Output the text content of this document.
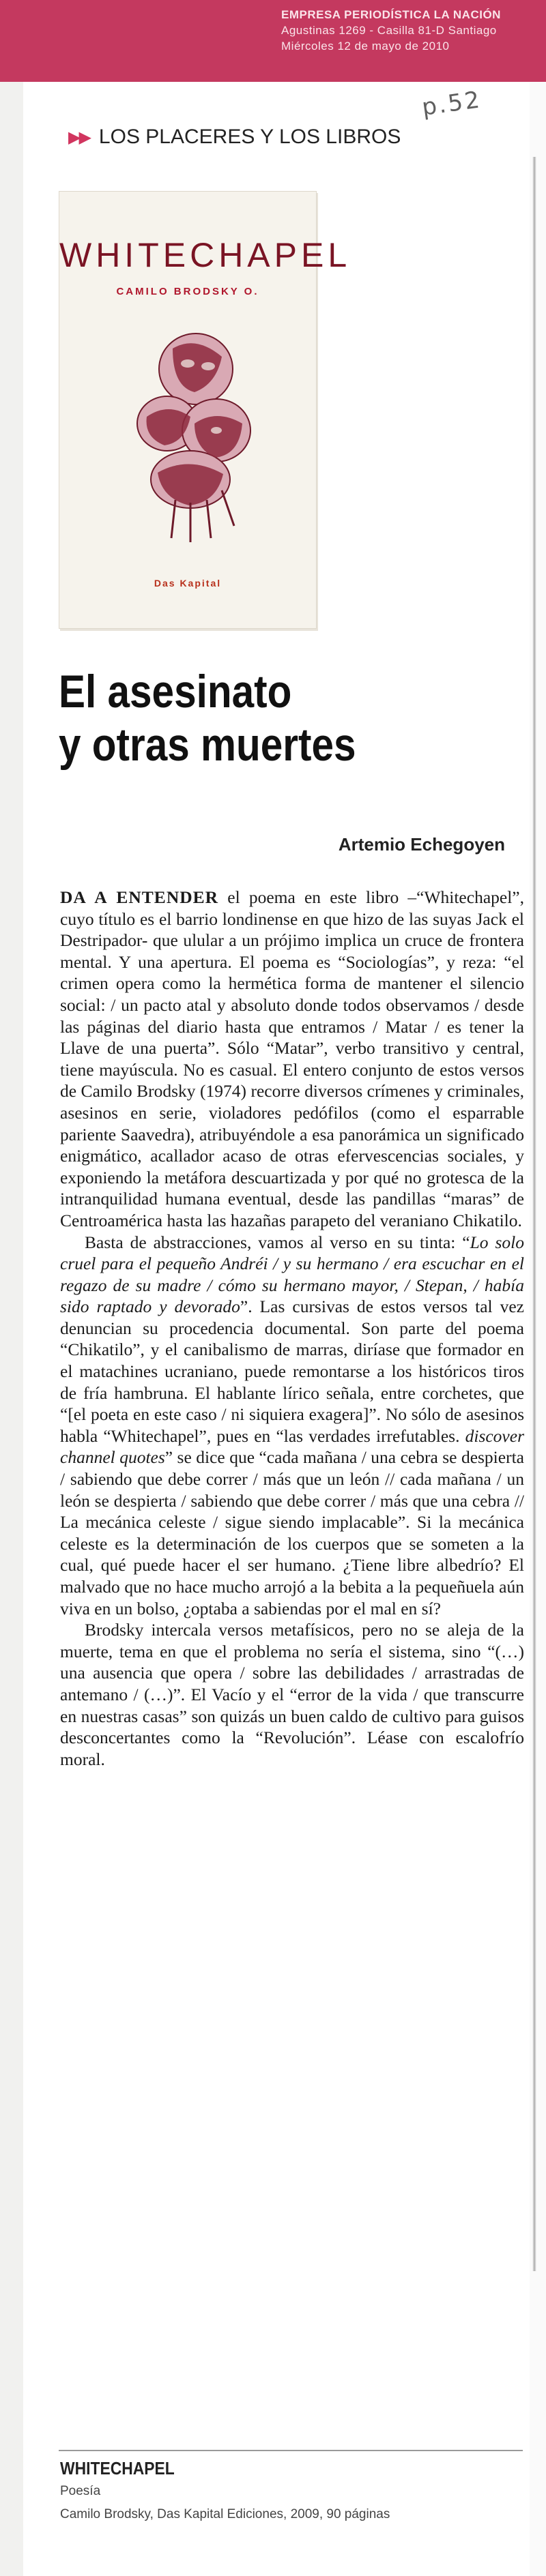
EMPRESA PERIODÍSTICA LA NACIÓN
Agustinas 1269 - Casilla 81-D Santiago
Miércoles 12 de mayo de 2010
p.52
▶▶ LOS PLACERES Y LOS LIBROS
WHITECHAPEL
CAMILO BRODSKY O.
Das Kapital
El asesinato
y otras muertes
Artemio Echegoyen

DA A ENTENDER el poema en este libro –“Whitechapel”, cuyo título es el barrio londinense en que hizo de las suyas Jack el Destripador- que ulular a un prójimo implica un cruce de frontera mental. Y una apertura. El poema es “Sociologías”, y reza: “el crimen opera como la hermética forma de mantener el silencio social: / un pacto atal y absoluto donde todos observamos / desde las páginas del diario hasta que entramos / Matar / es tener la Llave de una puerta”. Sólo “Matar”, verbo transitivo y central, tiene mayúscula. No es casual. El entero conjunto de estos versos de Camilo Brodsky (1974) recorre diversos crímenes y criminales, asesinos en serie, violadores pedófilos (como el esparrable pariente Saavedra), atribuyéndole a esa panorámica un significado enigmático, acallador acaso de otras efervescencias sociales, y exponiendo la metáfora descuartizada y por qué no grotesca de la intranquilidad humana eventual, desde las pandillas “maras” de Centroamérica hasta las hazañas parapeto del veraniano Chikatilo.

Basta de abstracciones, vamos al verso en su tinta: “Lo solo cruel para el pequeño Andréi / y su hermano / era escuchar en el regazo de su madre / cómo su hermano mayor, / Stepan, / había sido raptado y devorado”. Las cursivas de estos versos tal vez denuncian su procedencia documental. Son parte del poema “Chikatilo”, y el canibalismo de marras, diríase que formador en el matachines ucraniano, puede remontarse a los históricos tiros de fría hambruna. El hablante lírico señala, entre corchetes, que “[el poeta en este caso / ni siquiera exagera]”. No sólo de asesinos habla “Whitechapel”, pues en “las verdades irrefutables. discover channel quotes” se dice que “cada mañana / una cebra se despierta / sabiendo que debe correr / más que un león // cada mañana / un león se despierta / sabiendo que debe correr / más que una cebra // La mecánica celeste / sigue siendo implacable”. Si la mecánica celeste es la determinación de los cuerpos que se someten a la cual, qué puede hacer el ser humano. ¿Tiene libre albedrío? El malvado que no hace mucho arrojó a la bebita a la pequeñuela aún viva en un bolso, ¿optaba a sabiendas por el mal en sí?

Brodsky intercala versos metafísicos, pero no se aleja de la muerte, tema en que el problema no sería el sistema, sino “(…) una ausencia que opera / sobre las debilidades / arrastradas de antemano / (…)”. El Vacío y el “error de la vida / que transcurre en nuestras casas” son quizás un buen caldo de cultivo para guisos desconcertantes como la “Revolución”. Léase con escalofrío moral.

WHITECHAPEL
Poesía
Camilo Brodsky, Das Kapital Ediciones, 2009, 90 páginas
